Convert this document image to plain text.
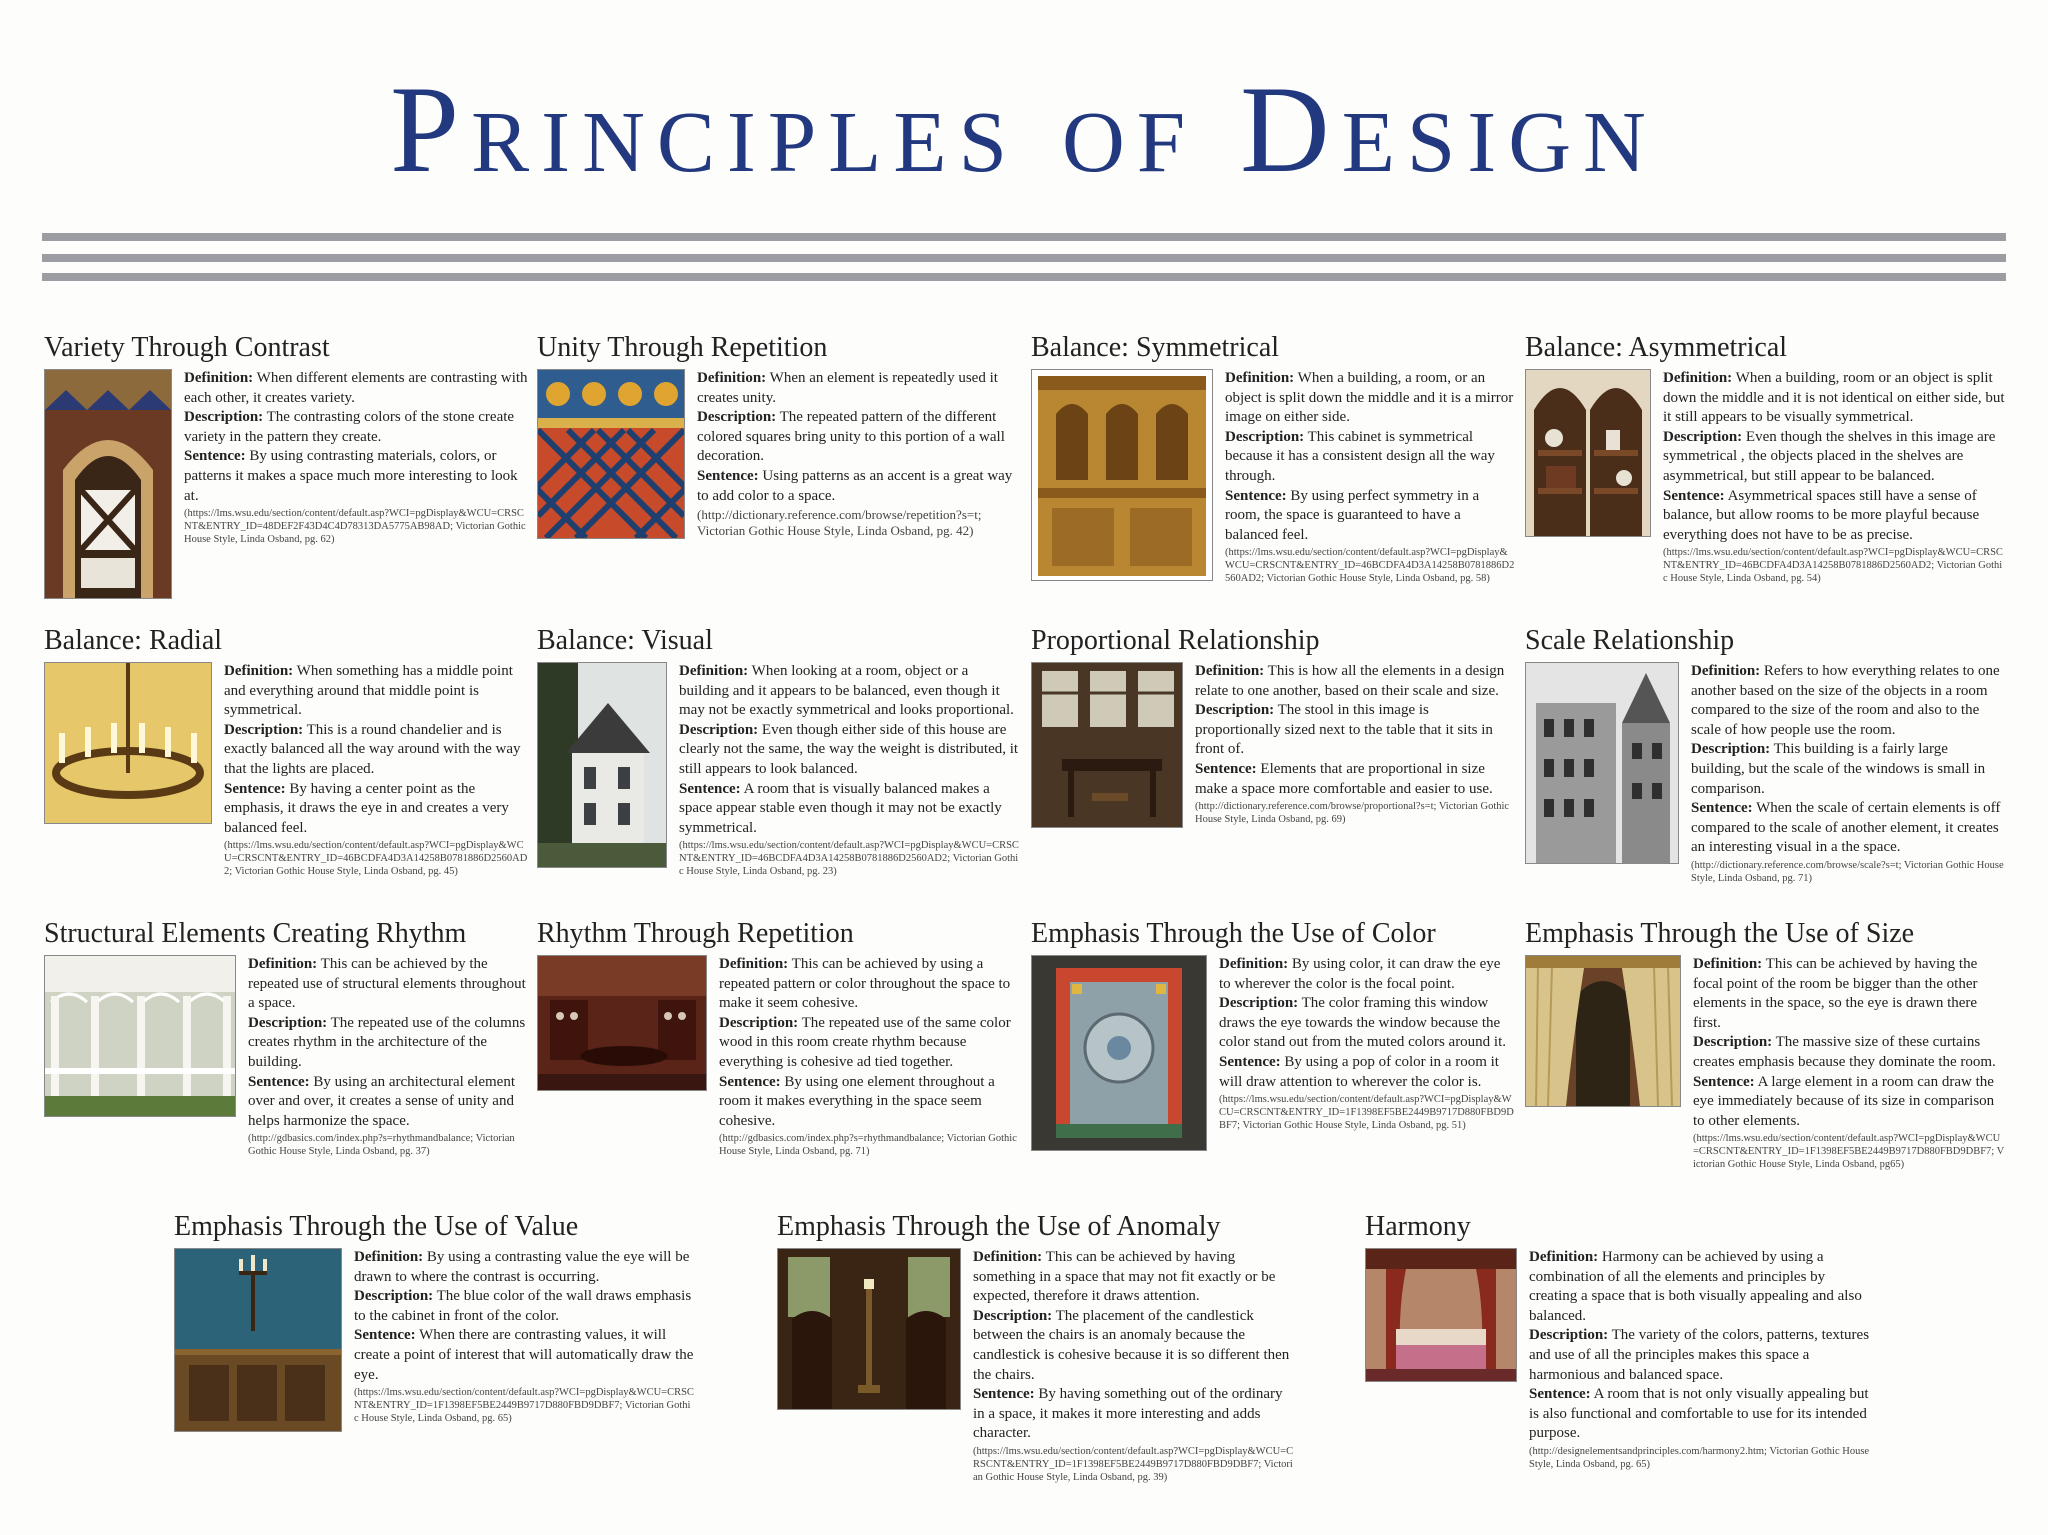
Principles of Design
Variety Through Contrast

Definition: When different elements are contrasting with each other, it creates variety.

Description: The contrasting colors of the stone create variety in the pattern they create.

Sentence: By using contrasting materials, colors, or patterns it makes a space much more interesting to look at.

(https://lms.wsu.edu/section/content/default.asp?WCI=pgDisplay&WCU=CRSCNT&ENTRY_ID=48DEF2F43D4C4D78313DA5775AB98AD; Victorian Gothic House Style, Linda Osband, pg. 62)

Unity Through Repetition

Definition: When an element is repeatedly used it creates unity.

Description: The repeated pattern of the different colored squares bring unity to this portion of a wall decoration.

Sentence: Using patterns as an accent is a great way to add color to a space.

(http://dictionary.reference.com/browse/repetition?s=t; Victorian Gothic House Style, Linda Osband, pg. 42)

Balance: Symmetrical

Definition: When a building, a room, or an object is split down the middle and it is a mirror image on either side.

Description: This cabinet is symmetrical because it has a consistent design all the way through.

Sentence: By using perfect symmetry in a room, the space is guaranteed to have a balanced feel.

(https://lms.wsu.edu/section/content/default.asp?WCI=pgDisplay&WCU=CRSCNT&ENTRY_ID=46BCDFA4D3A14258B0781886D2560AD2; Victorian Gothic House Style, Linda Osband, pg. 58)

Balance: Asymmetrical

Definition: When a building, room or an object is split down the middle and it is not identical on either side, but it still appears to be visually symmetrical.

Description: Even though the shelves in this image are symmetrical , the objects placed in the shelves are asymmetrical, but still appear to be balanced.

Sentence: Asymmetrical spaces still have a sense of balance, but allow rooms to be more playful because everything does not have to be as precise.

(https://lms.wsu.edu/section/content/default.asp?WCI=pgDisplay&WCU=CRSCNT&ENTRY_ID=46BCDFA4D3A14258B0781886D2560AD2; Victorian Gothic House Style, Linda Osband, pg. 54)

Balance: Radial

Definition: When something has a middle point and everything around that middle point is symmetrical.

Description: This is a round chandelier and is exactly balanced all the way around with the way that the lights are placed.

Sentence: By having a center point as the emphasis, it draws the eye in and creates a very balanced feel.

(https://lms.wsu.edu/section/content/default.asp?WCI=pgDisplay&WCU=CRSCNT&ENTRY_ID=46BCDFA4D3A14258B0781886D2560AD2; Victorian Gothic House Style, Linda Osband, pg. 45)

Balance: Visual

Definition: When looking at a room, object or a building and it appears to be balanced, even though it may not be exactly symmetrical and looks proportional.

Description: Even though either side of this house are clearly not the same, the way the weight is distributed, it still appears to look balanced.

Sentence: A room that is visually balanced makes a space appear stable even though it may not be exactly symmetrical.

(https://lms.wsu.edu/section/content/default.asp?WCI=pgDisplay&WCU=CRSCNT&ENTRY_ID=46BCDFA4D3A14258B0781886D2560AD2; Victorian Gothic House Style, Linda Osband, pg. 23)

Proportional Relationship

Definition: This is how all the elements in a design relate to one another, based on their scale and size.

Description: The stool in this image is proportionally sized next to the table that it sits in front of.

Sentence: Elements that are proportional in size make a space more comfortable and easier to use.

(http://dictionary.reference.com/browse/proportional?s=t; Victorian Gothic House Style, Linda Osband, pg. 69)

Scale Relationship

Definition: Refers to how everything relates to one another based on the size of the objects in a room compared to the size of the room and also to the scale of how people use the room.

Description: This building is a fairly large building, but the scale of the windows is small in comparison.

Sentence: When the scale of certain elements is off compared to the scale of another element, it creates an interesting visual in a the space.

(http://dictionary.reference.com/browse/scale?s=t; Victorian Gothic House Style, Linda Osband, pg. 71)

Structural Elements Creating Rhythm

Definition: This can be achieved by the repeated use of structural elements throughout a space.

Description: The repeated use of the columns creates rhythm in the architecture of the building.

Sentence: By using an architectural element over and over, it creates a sense of unity and helps harmonize the space.

(http://gdbasics.com/index.php?s=rhythmandbalance; Victorian Gothic House Style, Linda Osband, pg. 37)

Rhythm Through Repetition

Definition: This can be achieved by using a repeated pattern or color throughout the space to make it seem cohesive.

Description: The repeated use of the same color wood in this room create rhythm because everything is cohesive ad tied together.

Sentence: By using one element throughout a room it makes everything in the space seem cohesive.

(http://gdbasics.com/index.php?s=rhythmandbalance; Victorian Gothic House Style, Linda Osband, pg. 71)

Emphasis Through the Use of Color

Definition: By using color, it can draw the eye to wherever the color is the focal point.

Description: The color framing this window draws the eye towards the window because the color stand out from the muted colors around it.

Sentence: By using a pop of color in a room it will draw attention to wherever the color is.

(https://lms.wsu.edu/section/content/default.asp?WCI=pgDisplay&WCU=CRSCNT&ENTRY_ID=1F1398EF5BE2449B9717D880FBD9DBF7; Victorian Gothic House Style, Linda Osband, pg. 51)

Emphasis Through the Use of Size

Definition: This can be achieved by having the focal point of the room be bigger than the other elements in the space, so the eye is drawn there first.

Description: The massive size of these curtains creates emphasis because they dominate the room.

Sentence: A large element in a room can draw the eye immediately because of its size in comparison to other elements.

(https://lms.wsu.edu/section/content/default.asp?WCI=pgDisplay&WCU=CRSCNT&ENTRY_ID=1F1398EF5BE2449B9717D880FBD9DBF7; Victorian Gothic House Style, Linda Osband, pg65)

Emphasis Through the Use of Value

Definition: By using a contrasting value the eye will be drawn to where the contrast is occurring.

Description: The blue color of the wall draws emphasis to the cabinet in front of the color.

Sentence: When there are contrasting values, it will create a point of interest that will automatically draw the eye.

(https://lms.wsu.edu/section/content/default.asp?WCI=pgDisplay&WCU=CRSCNT&ENTRY_ID=1F1398EF5BE2449B9717D880FBD9DBF7; Victorian Gothic House Style, Linda Osband, pg. 65)

Emphasis Through the Use of Anomaly

Definition: This can be achieved by having something in a space that may not fit exactly or be expected, therefore it draws attention.

Description: The placement of the candlestick between the chairs is an anomaly because the candlestick is cohesive because it is so different then the chairs.

Sentence: By having something out of the ordinary in a space, it makes it more interesting and adds character.

(https://lms.wsu.edu/section/content/default.asp?WCI=pgDisplay&WCU=CRSCNT&ENTRY_ID=1F1398EF5BE2449B9717D880FBD9DBF7; Victorian Gothic House Style, Linda Osband, pg. 39)

Harmony

Definition: Harmony can be achieved by using a combination of all the elements and principles by creating a space that is both visually appealing and also balanced.

Description: The variety of the colors, patterns, textures and use of all the principles makes this space a harmonious and balanced space.

Sentence: A room that is not only visually appealing but is also functional and comfortable to use for its intended purpose.

(http://designelementsandprinciples.com/harmony2.htm; Victorian Gothic House Style, Linda Osband, pg. 65)
